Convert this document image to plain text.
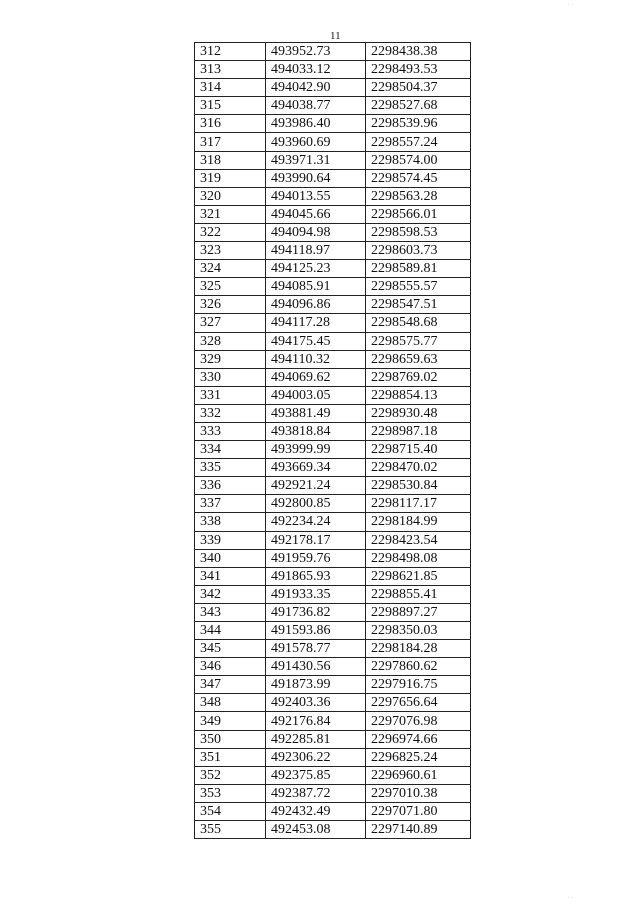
11
312	493952.73	2298438.38
313	494033.12	2298493.53
314	494042.90	2298504.37
315	494038.77	2298527.68
316	493986.40	2298539.96
317	493960.69	2298557.24
318	493971.31	2298574.00
319	493990.64	2298574.45
320	494013.55	2298563.28
321	494045.66	2298566.01
322	494094.98	2298598.53
323	494118.97	2298603.73
324	494125.23	2298589.81
325	494085.91	2298555.57
326	494096.86	2298547.51
327	494117.28	2298548.68
328	494175.45	2298575.77
329	494110.32	2298659.63
330	494069.62	2298769.02
331	494003.05	2298854.13
332	493881.49	2298930.48
333	493818.84	2298987.18
334	493999.99	2298715.40
335	493669.34	2298470.02
336	492921.24	2298530.84
337	492800.85	2298117.17
338	492234.24	2298184.99
339	492178.17	2298423.54
340	491959.76	2298498.08
341	491865.93	2298621.85
342	491933.35	2298855.41
343	491736.82	2298897.27
344	491593.86	2298350.03
345	491578.77	2298184.28
346	491430.56	2297860.62
347	491873.99	2297916.75
348	492403.36	2297656.64
349	492176.84	2297076.98
350	492285.81	2296974.66
351	492306.22	2296825.24
352	492375.85	2296960.61
353	492387.72	2297010.38
354	492432.49	2297071.80
355	492453.08	2297140.89
· ·
· ·
